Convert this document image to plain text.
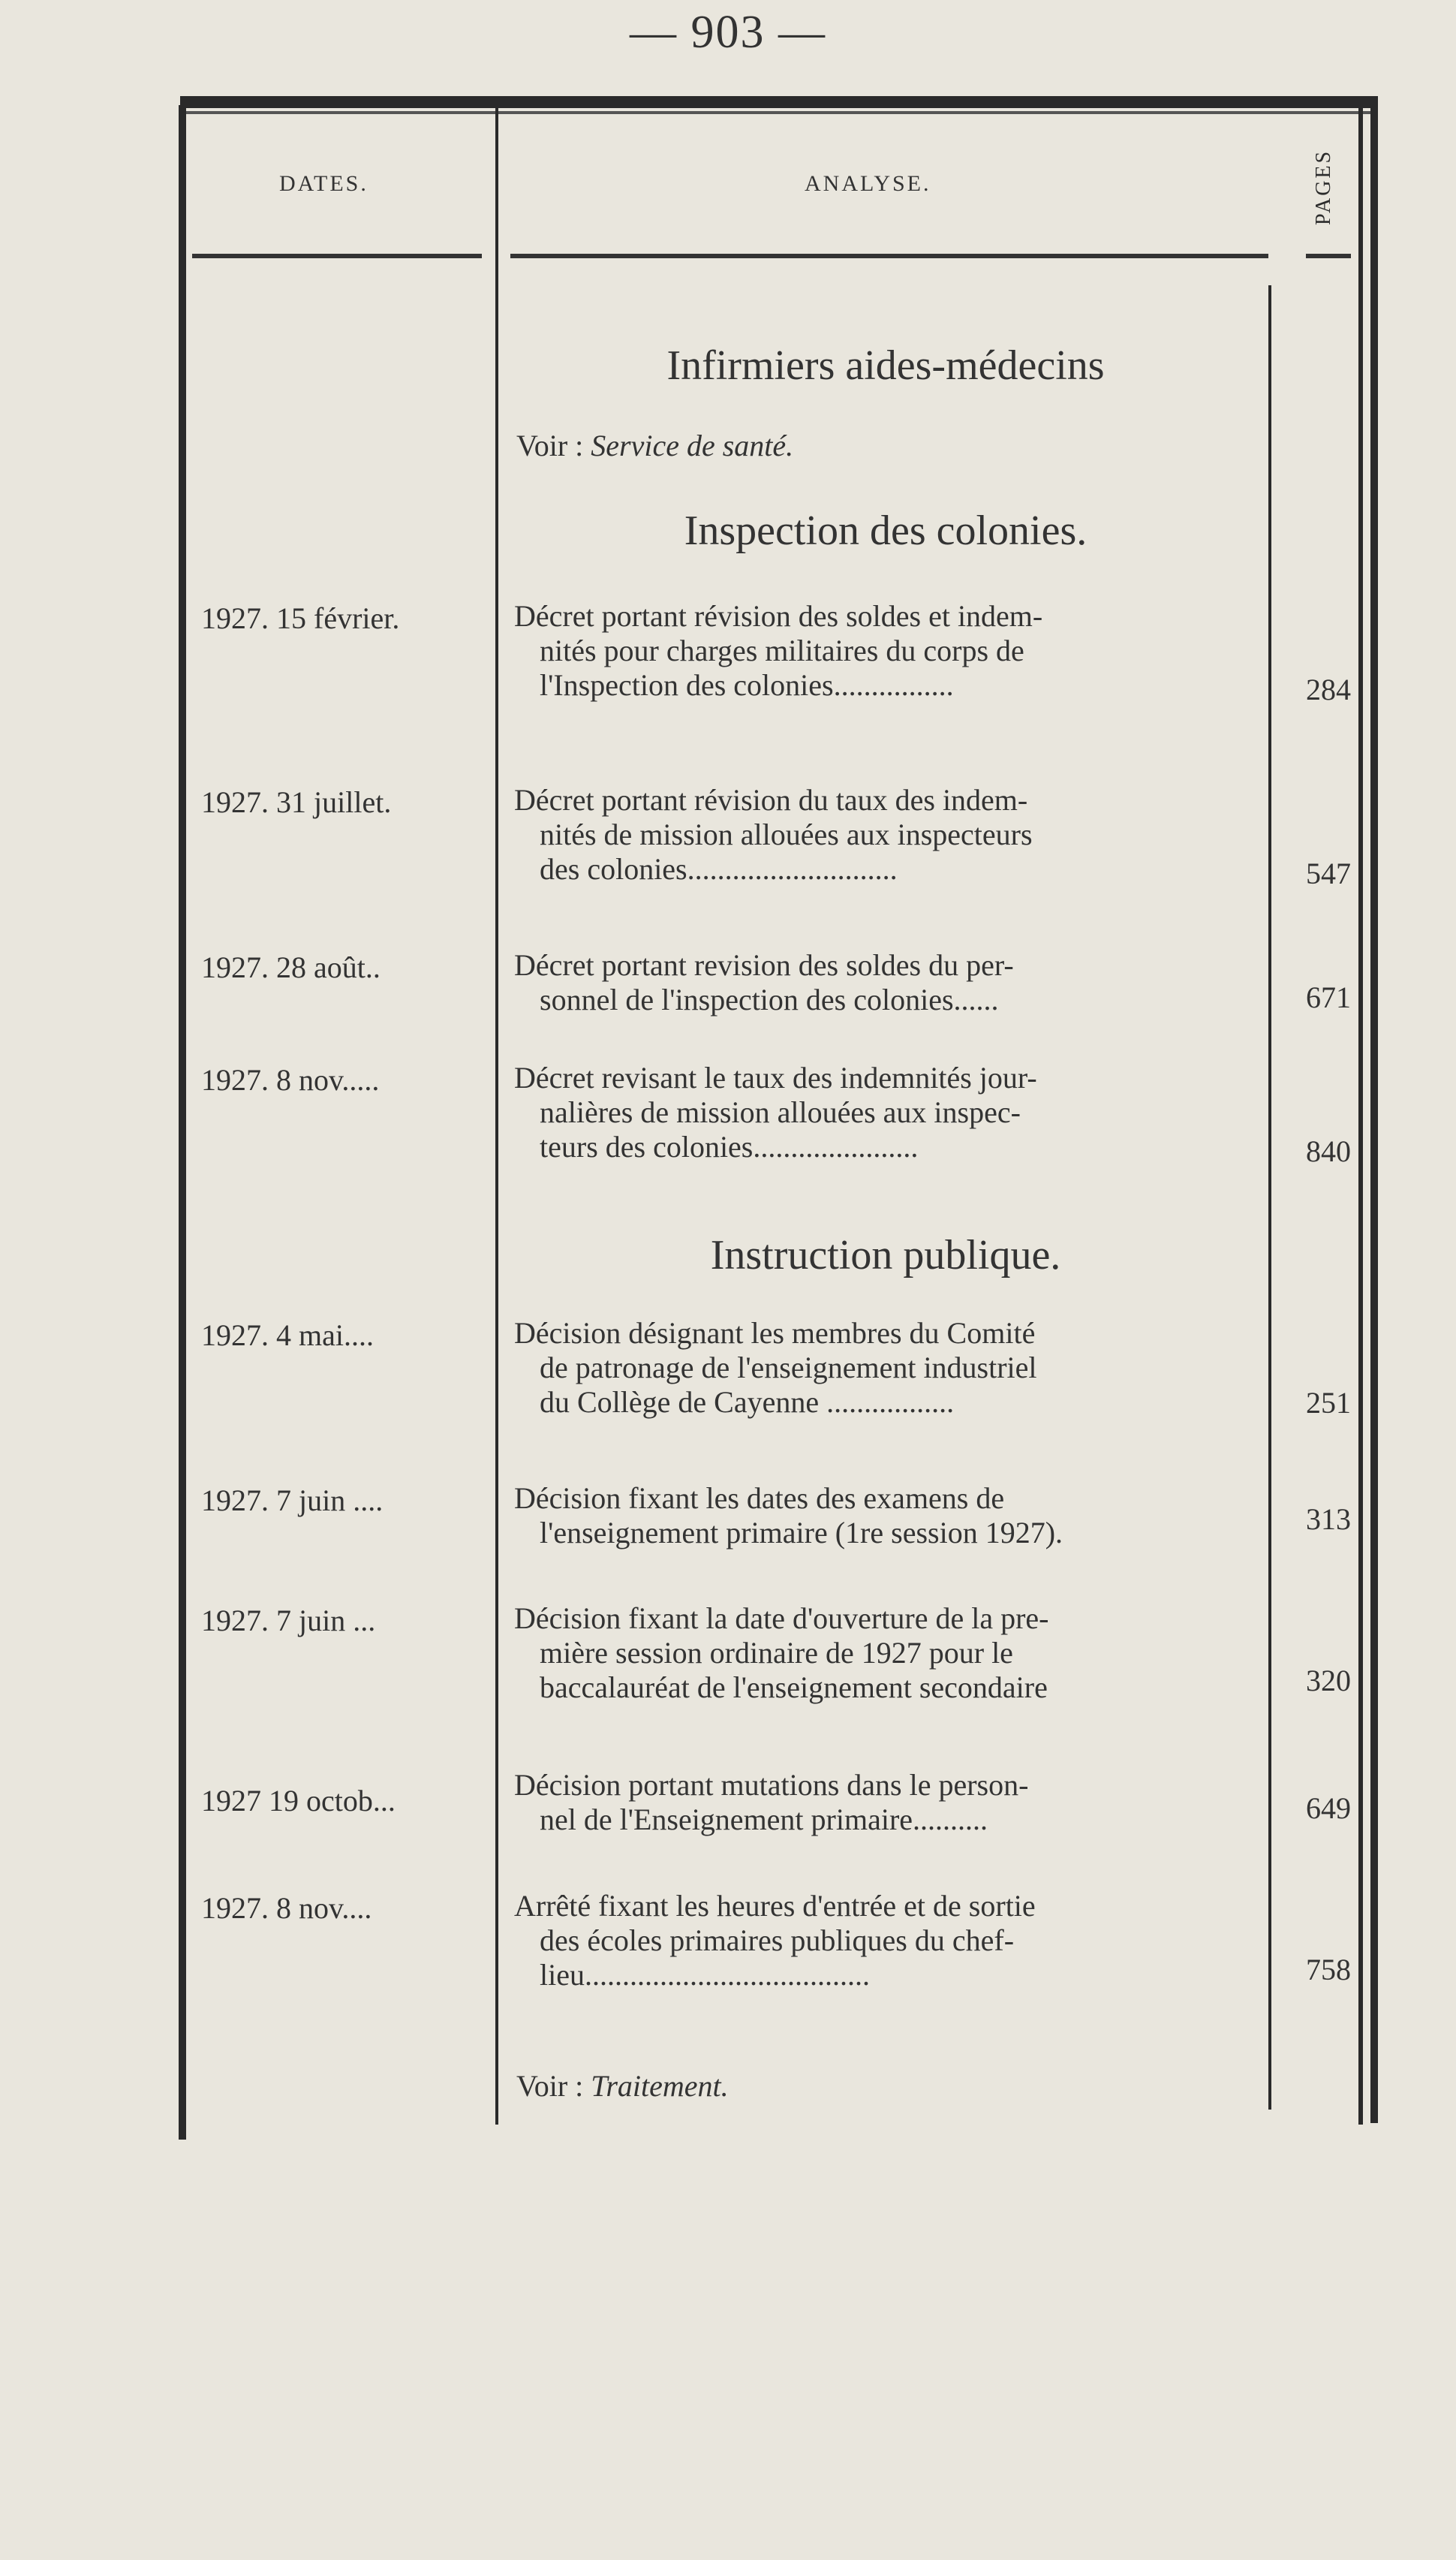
— 903 —
DATES.	ANALYSE.	PAGES
Infirmiers aides-médecins
Voir : Service de santé.
Inspection des colonies.
1927. 15 février.	Décret portant révision des soldes et indem-
nités pour charges militaires du corps de
l'Inspection des colonies................	284
1927. 31 juillet.	Décret portant révision du taux des indem-
nités de mission allouées aux inspecteurs
des colonies............................	547
1927. 28 août..	Décret portant revision des soldes du per-
sonnel de l'inspection des colonies......	671
1927. 8 nov.....	Décret revisant le taux des indemnités jour-
nalières de mission allouées aux inspec-
teurs des colonies......................	840
Instruction publique.
1927. 4 mai....	Décision désignant les membres du Comité
de patronage de l'enseignement industriel
du Collège de Cayenne .................	251
1927. 7 juin ....	Décision fixant les dates des examens de
l'enseignement primaire (1re session 1927).	313
1927. 7 juin ...	Décision fixant la date d'ouverture de la pre-
mière session ordinaire de 1927 pour le
baccalauréat de l'enseignement secondaire	320
1927 19 octob...	Décision portant mutations dans le person-
nel de l'Enseignement primaire..........	649
1927. 8 nov....	Arrêté fixant les heures d'entrée et de sortie
des écoles primaires publiques du chef-
lieu......................................	758
Voir : Traitement.
